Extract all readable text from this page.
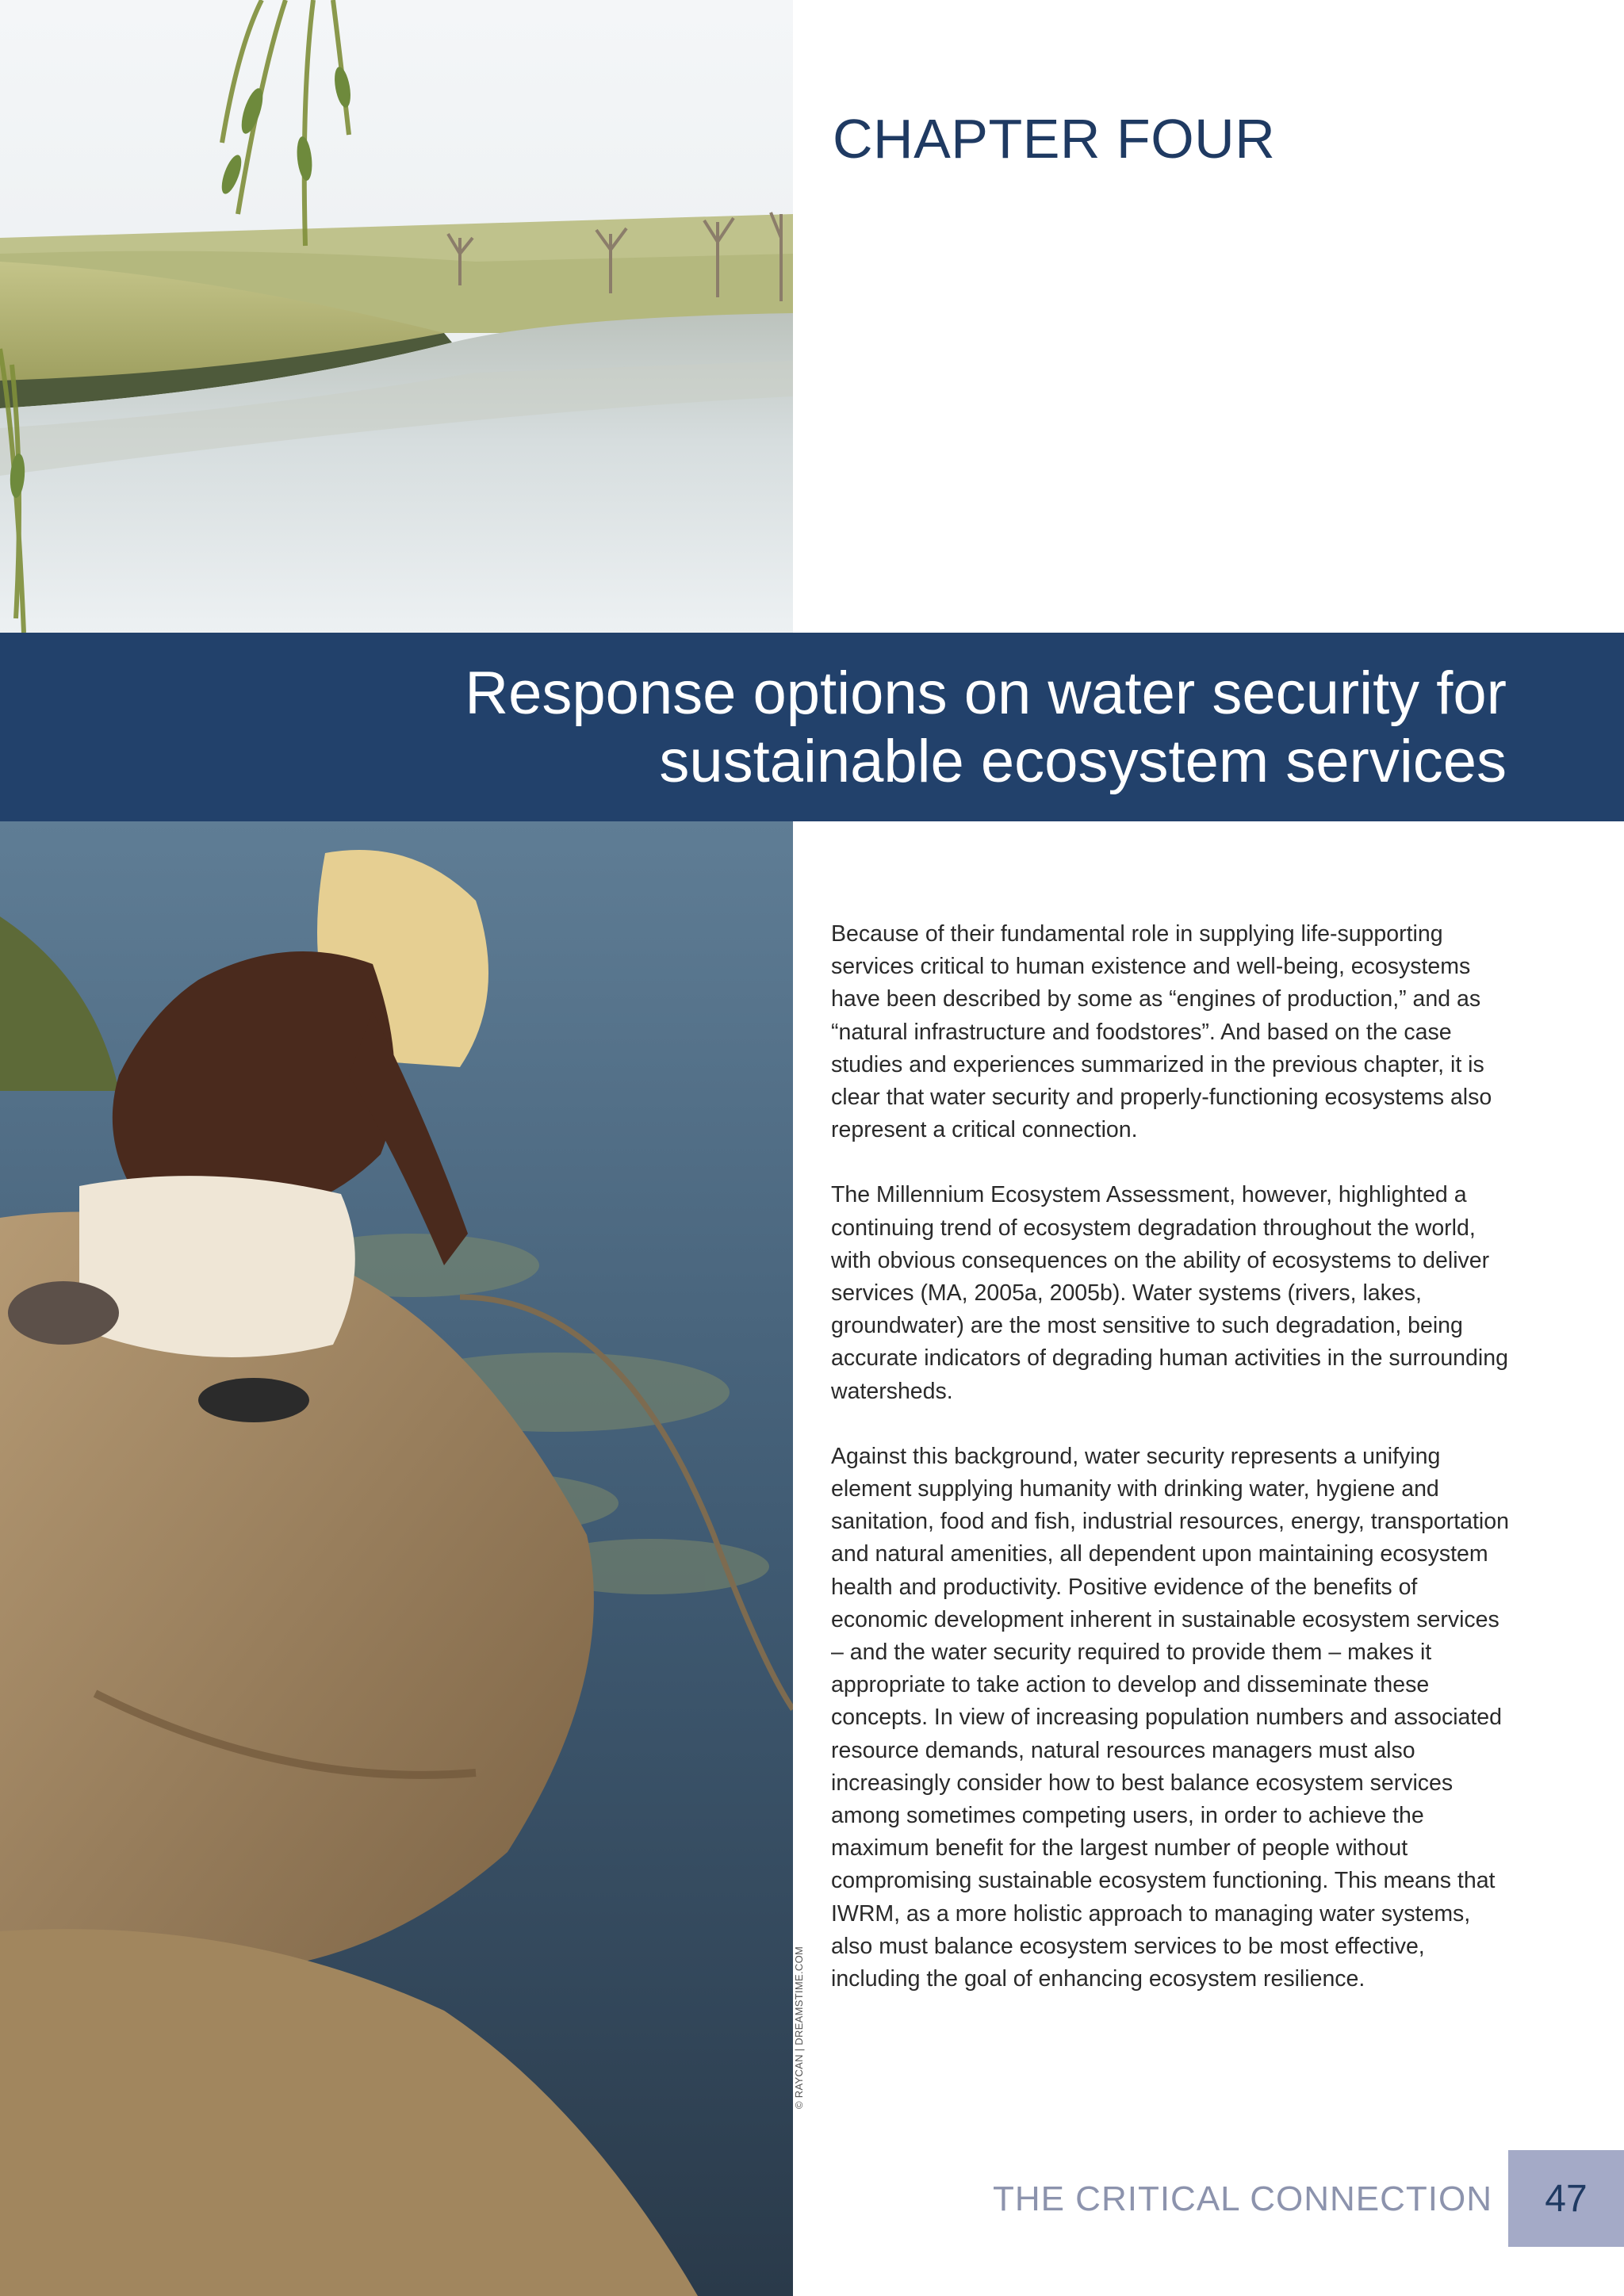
CHAPTER FOUR
Response options on water security for
sustainable ecosystem services
© RAYCAN | DREAMSTIME.COM

Because of their fundamental role in supplying life-supporting services critical to human existence and well-being, ecosystems have been described by some as “engines of production,” and as “natural infrastructure and foodstores”. And based on the case studies and experiences summarized in the previous chapter, it is clear that water security and properly-functioning ecosystems also represent a critical connection.

The Millennium Ecosystem Assessment, however, highlighted a continuing trend of ecosystem degradation throughout the world, with obvious consequences on the ability of ecosystems to deliver services (MA, 2005a, 2005b). Water systems (rivers, lakes, groundwater) are the most sensitive to such degradation, being accurate indicators of degrading human activities in the surrounding watersheds.

Against this background, water security represents a unifying element supplying humanity with drinking water, hygiene and sanitation, food and fish, industrial resources, energy, transportation and natural amenities, all dependent upon maintaining ecosystem health and productivity. Positive evidence of the benefits of economic development inherent in sustainable ecosystem services – and the water security required to provide them – makes it appropriate to take action to develop and disseminate these concepts. In view of increasing population numbers and associated resource demands, natural resources managers must also increasingly consider how to best balance ecosystem services among sometimes competing users, in order to achieve the maximum benefit for the largest number of people without compromising sustainable ecosystem functioning. This means that IWRM, as a more holistic approach to managing water systems, also must balance ecosystem services to be most effective, including the goal of enhancing ecosystem resilience.

THE CRITICAL CONNECTION	47
